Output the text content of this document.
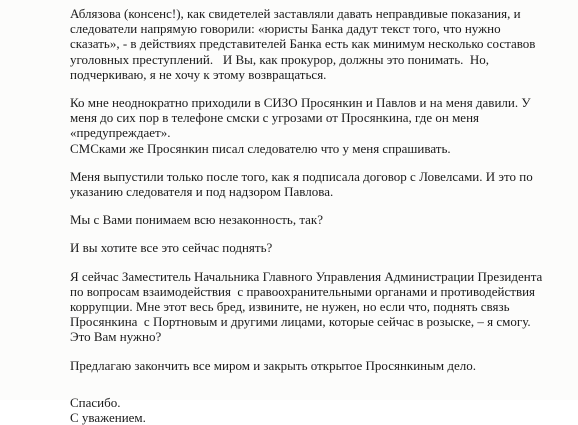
Аблязова (консенс!), как свидетелей заставляли давать неправдивые показания, и
следователи напрямую говорили: «юристы Банка дадут текст того, что нужно
сказать», - в действиях представителей Банка есть как минимум несколько составов
уголовных преступлений.   И Вы, как прокурор, должны это понимать.  Но,
подчеркиваю, я не хочу к этому возвращаться.
Ко мне неоднократно приходили в СИЗО Просянкин и Павлов и на меня давили. У
меня до сих пор в телефоне смски с угрозами от Просянкина, где он меня
«предупреждает».
СМСками же Просянкин писал следователю что у меня спрашивать.
Меня выпустили только после того, как я подписала договор с Ловелсами. И это по
указанию следователя и под надзором Павлова.
Мы с Вами понимаем всю незаконность, так?
И вы хотите все это сейчас поднять?
Я сейчас Заместитель Начальника Главного Управления Администрации Президента
по вопросам взаимодействия  с правоохранительными органами и противодействия
коррупции. Мне этот весь бред, извините, не нужен, но если что, поднять связь
Просянкина  с Портновым и другими лицами, которые сейчас в розыске, – я смогу.
Это Вам нужно?
Предлагаю закончить все миром и закрыть открытое Просянкиным дело.
Спасибо.
С уважением.
